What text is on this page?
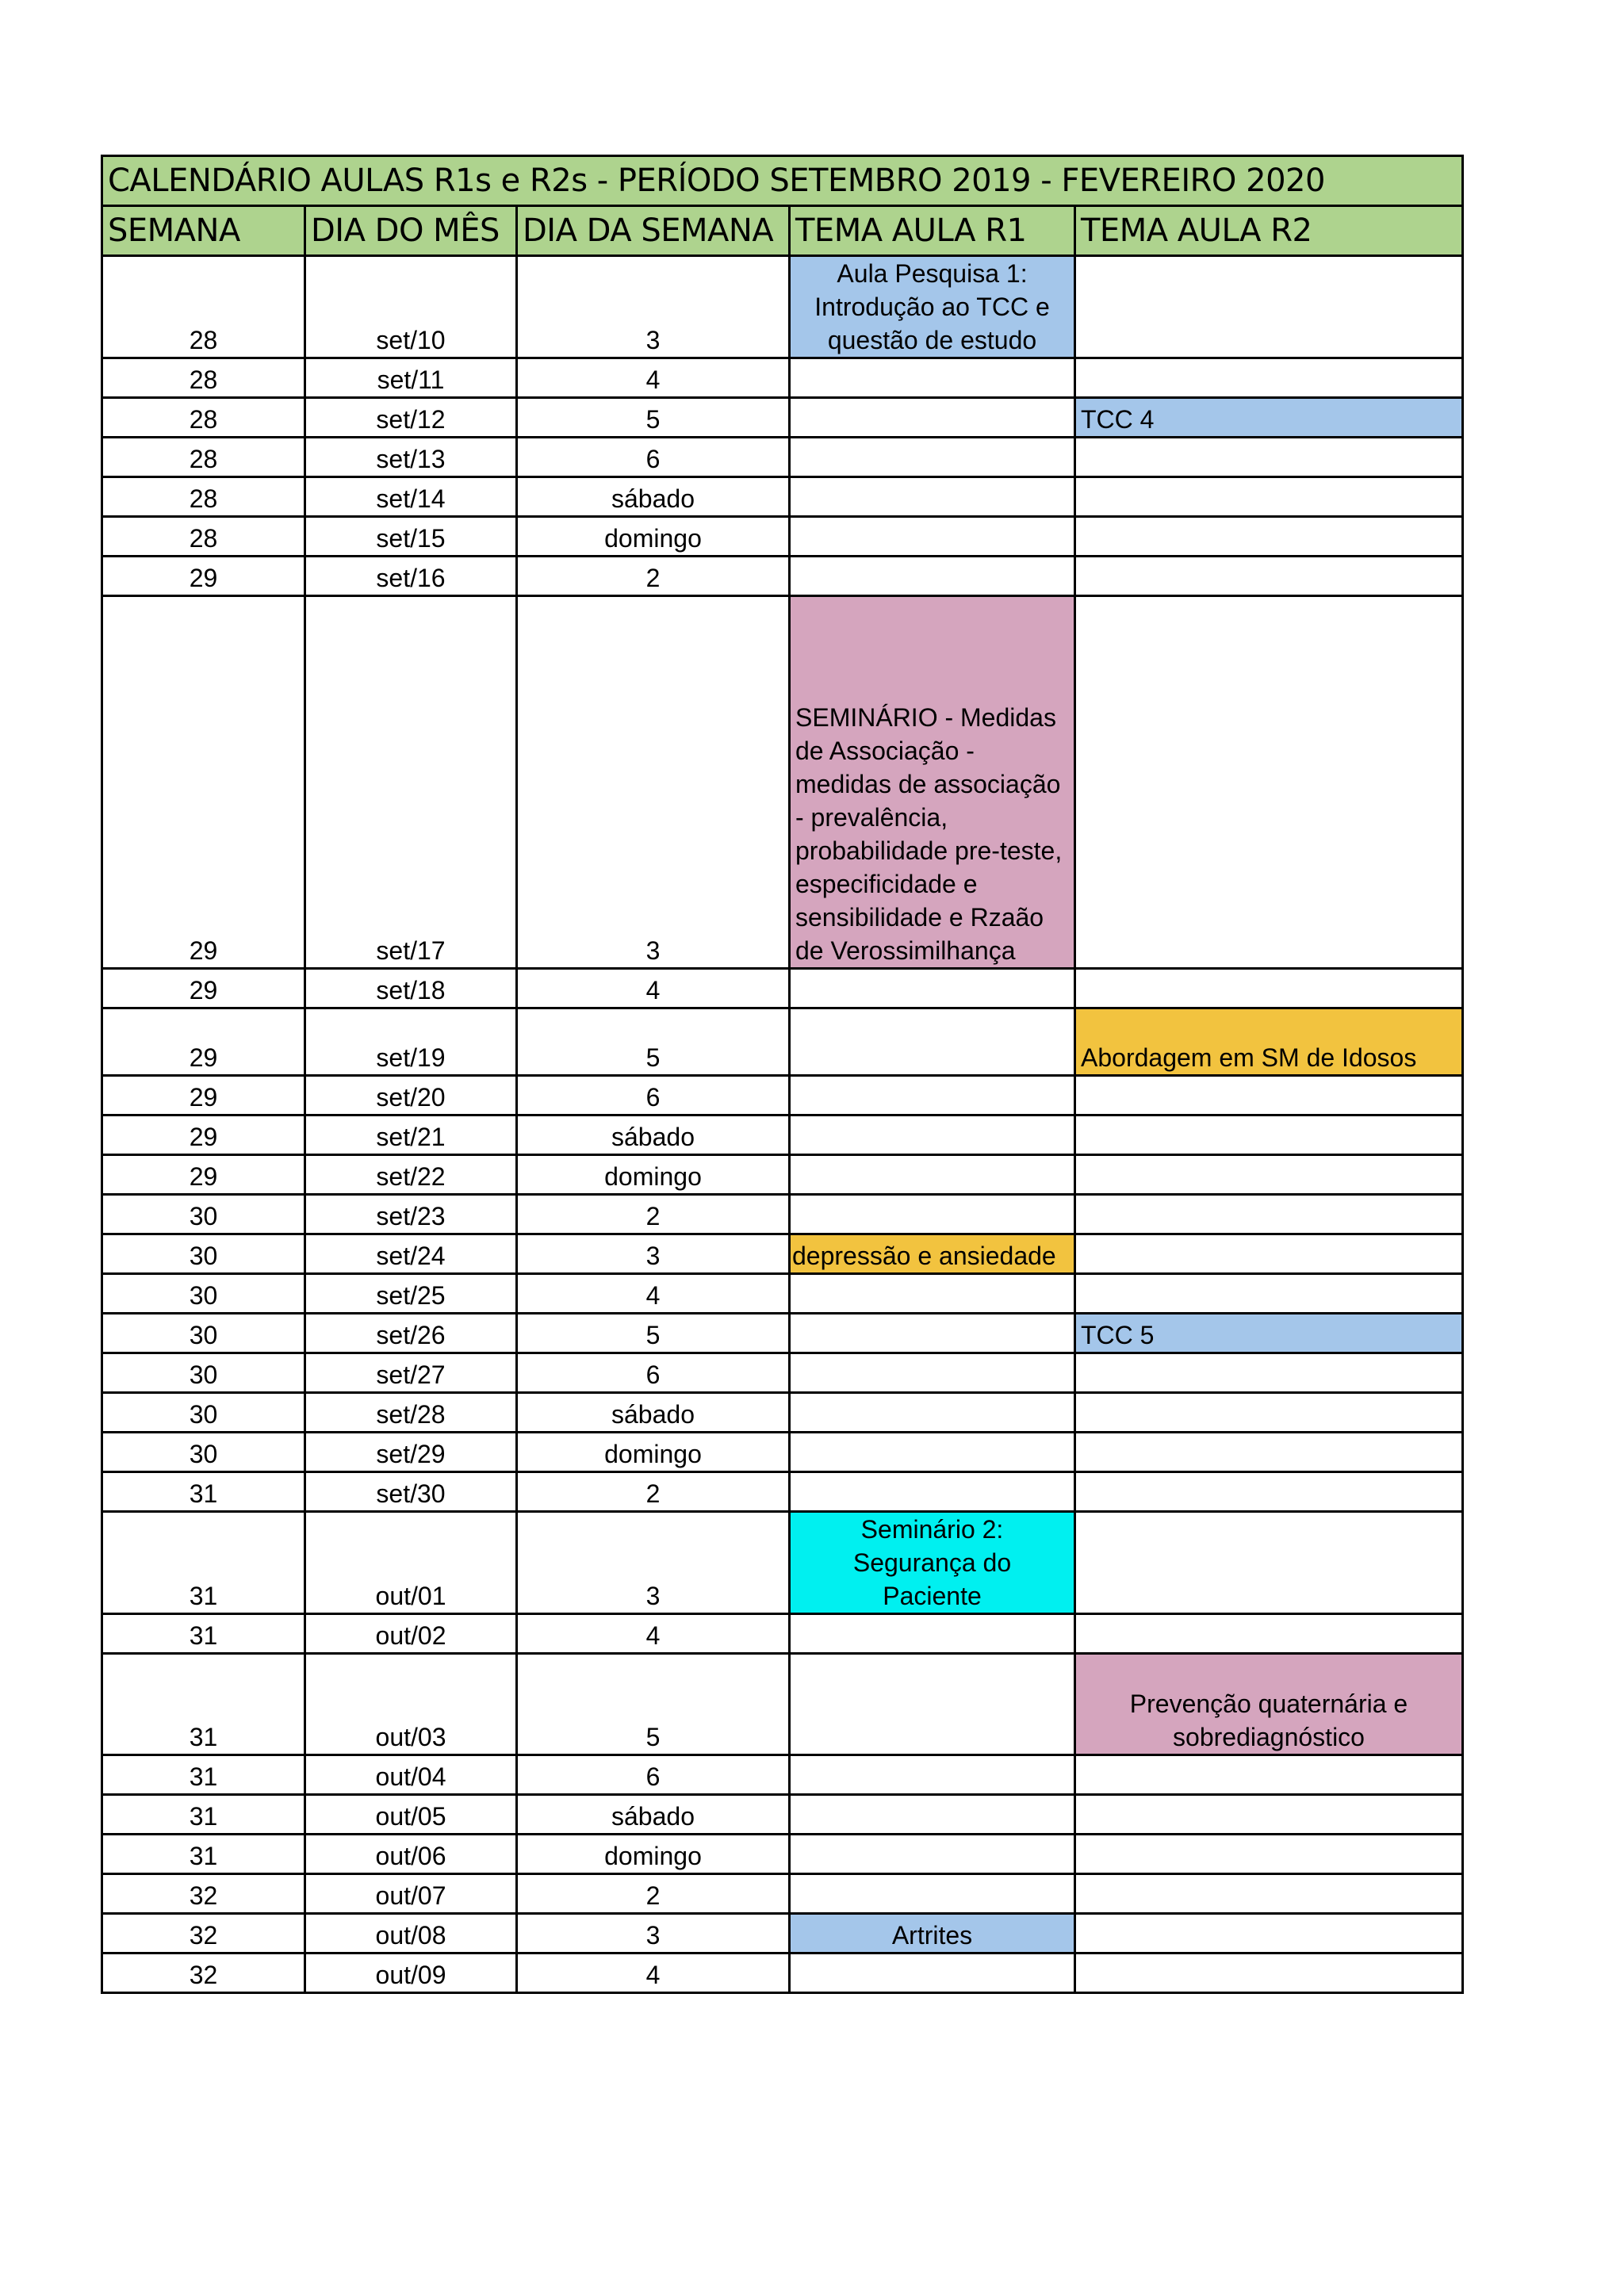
CALENDÁRIO AULAS R1s e R2s - PERÍODO SETEMBRO 2019 - FEVEREIRO 2020				
SEMANA	DIA DO MÊS	DIA DA SEMANA	TEMA AULA R1	TEMA AULA R2
28	set/10	3	Aula Pesquisa 1: Introdução ao TCC e questão de estudo	
28	set/11	4		
28	set/12	5		TCC 4
28	set/13	6		
28	set/14	sábado		
28	set/15	domingo		
29	set/16	2		
29	set/17	3	SEMINÁRIO - Medidas de Associação - medidas de associação - prevalência, probabilidade pre-teste, especificidade e sensibilidade e Rzaão de Verossimilhança	
29	set/18	4		
29	set/19	5		Abordagem em SM de Idosos
29	set/20	6		
29	set/21	sábado		
29	set/22	domingo		
30	set/23	2		
30	set/24	3	depressão e ansiedade	
30	set/25	4		
30	set/26	5		TCC 5
30	set/27	6		
30	set/28	sábado		
30	set/29	domingo		
31	set/30	2		
31	out/01	3	Seminário 2: Segurança do Paciente	
31	out/02	4		
31	out/03	5		Prevenção quaternária e sobrediagnóstico
31	out/04	6		
31	out/05	sábado		
31	out/06	domingo		
32	out/07	2		
32	out/08	3	Artrites	
32	out/09	4		
